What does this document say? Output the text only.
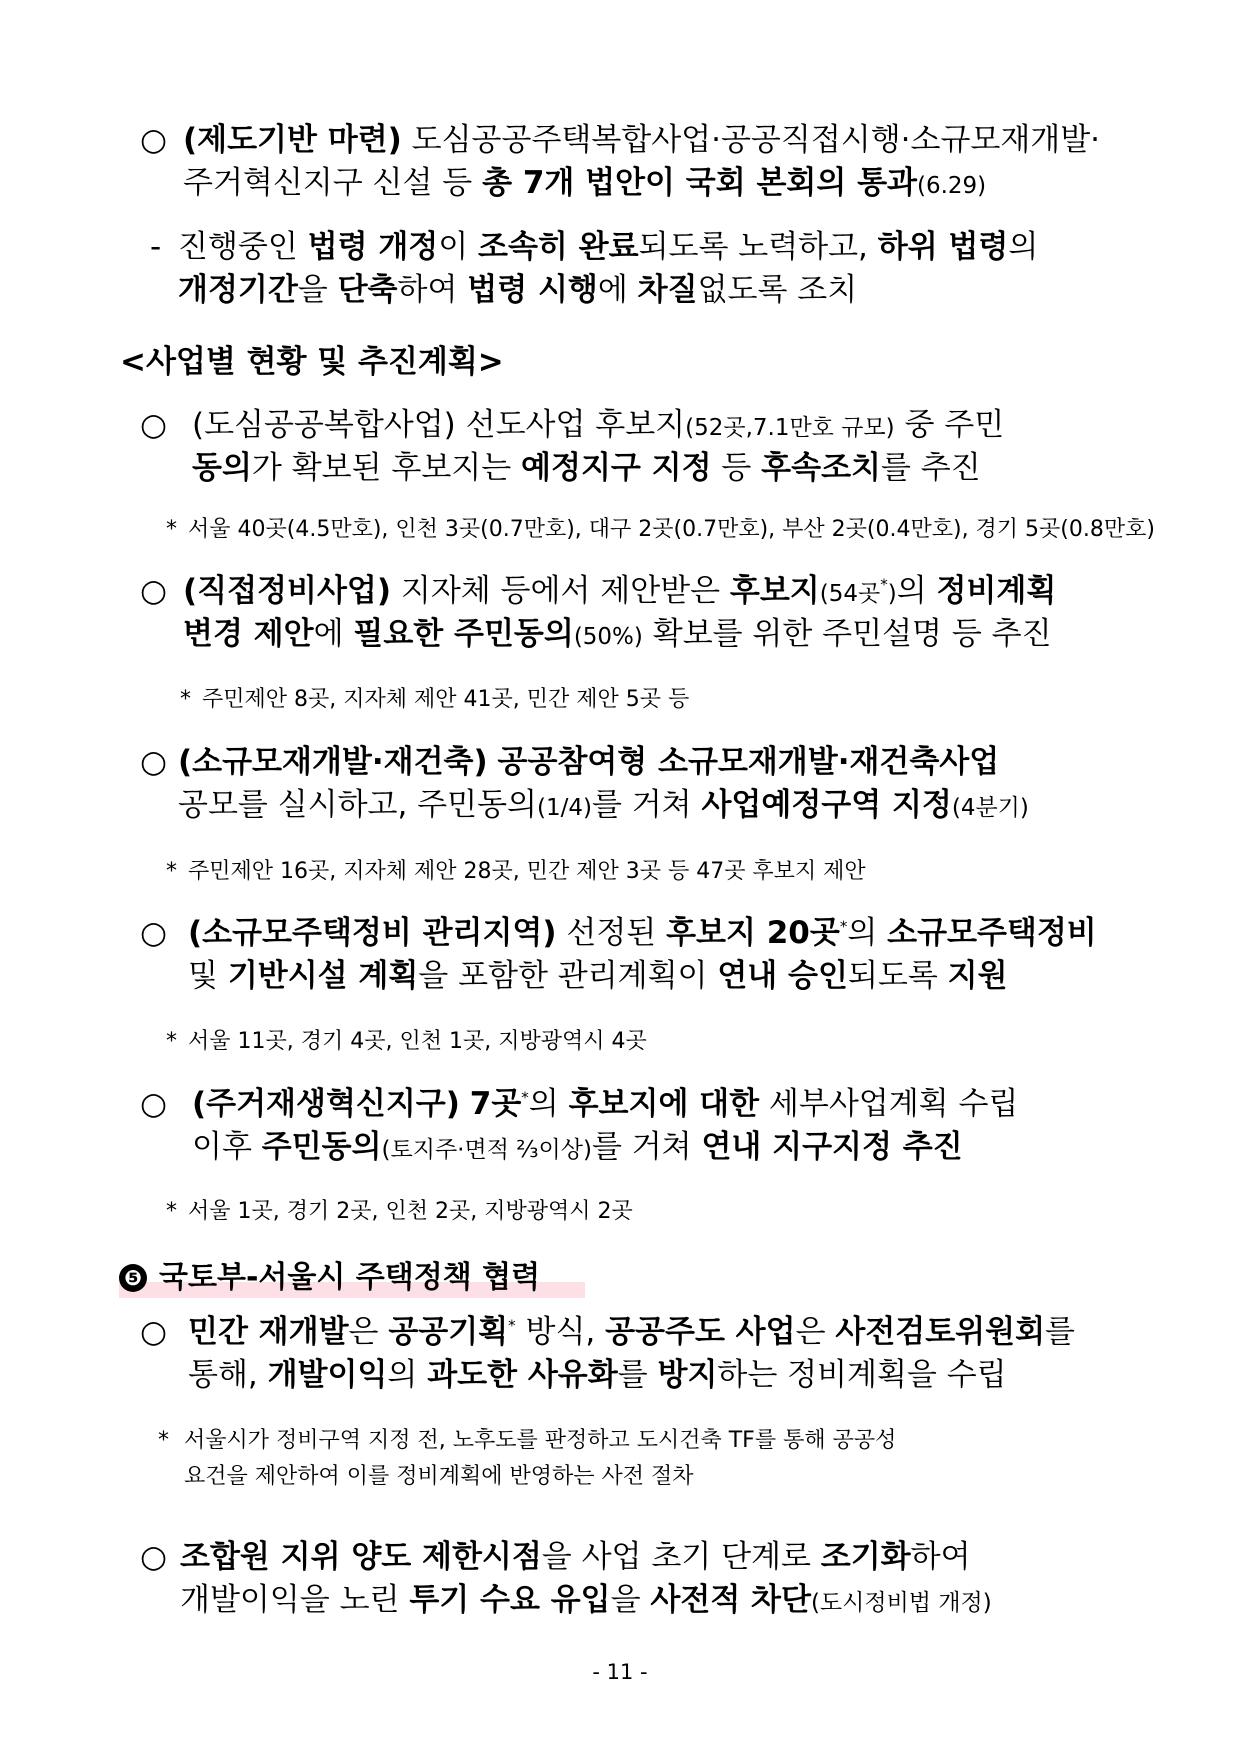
○ (제도기반 마련) 도심공공주택복합사업·공공직접시행·소규모재개발·
주거혁신지구 신설 등 총 7개 법안이 국회 본회의 통과(6.29)
- 진행중인 법령 개정이 조속히 완료되도록 노력하고, 하위 법령의
개정기간을 단축하여 법령 시행에 차질없도록 조치
○ (도심공공복합사업) 선도사업 후보지(52곳,7.1만호 규모) 중 주민
동의가 확보된 후보지는 예정지구 지정 등 후속조치를 추진
* 서울 40곳(4.5만호), 인천 3곳(0.7만호), 대구 2곳(0.7만호), 부산 2곳(0.4만호), 경기 5곳(0.8만호)
○ (직접정비사업) 지자체 등에서 제안받은 후보지(54곳*)의 정비계획
변경 제안에 필요한 주민동의(50%) 확보를 위한 주민설명 등 추진
* 주민제안 8곳, 지자체 제안 41곳, 민간 제안 5곳 등
○ (소규모재개발·재건축) 공공참여형 소규모재개발·재건축사업
공모를 실시하고, 주민동의(1/4)를 거쳐 사업예정구역 지정(4분기)
* 주민제안 16곳, 지자체 제안 28곳, 민간 제안 3곳 등 47곳 후보지 제안
○ (소규모주택정비 관리지역) 선정된 후보지 20곳*의 소규모주택정비
및 기반시설 계획을 포함한 관리계획이 연내 승인되도록 지원
* 서울 11곳, 경기 4곳, 인천 1곳, 지방광역시 4곳
○ (주거재생혁신지구) 7곳*의 후보지에 대한 세부사업계획 수립
이후 주민동의(토지주·면적 ⅔이상)를 거쳐 연내 지구지정 추진
* 서울 1곳, 경기 2곳, 인천 2곳, 지방광역시 2곳
○ 민간 재개발은 공공기획* 방식, 공공주도 사업은 사전검토위원회를
통해, 개발이익의 과도한 사유화를 방지하는 정비계획을 수립
* 서울시가 정비구역 지정 전, 노후도를 판정하고 도시건축 TF를 통해 공공성
요건을 제안하여 이를 정비계획에 반영하는 사전 절차
○ 조합원 지위 양도 제한시점을 사업 초기 단계로 조기화하여
개발이익을 노린 투기 수요 유입을 사전적 차단(도시정비법 개정)
<사업별 현황 및 추진계획>
❺ 국토부-서울시 주택정책 협력
- 11 -
